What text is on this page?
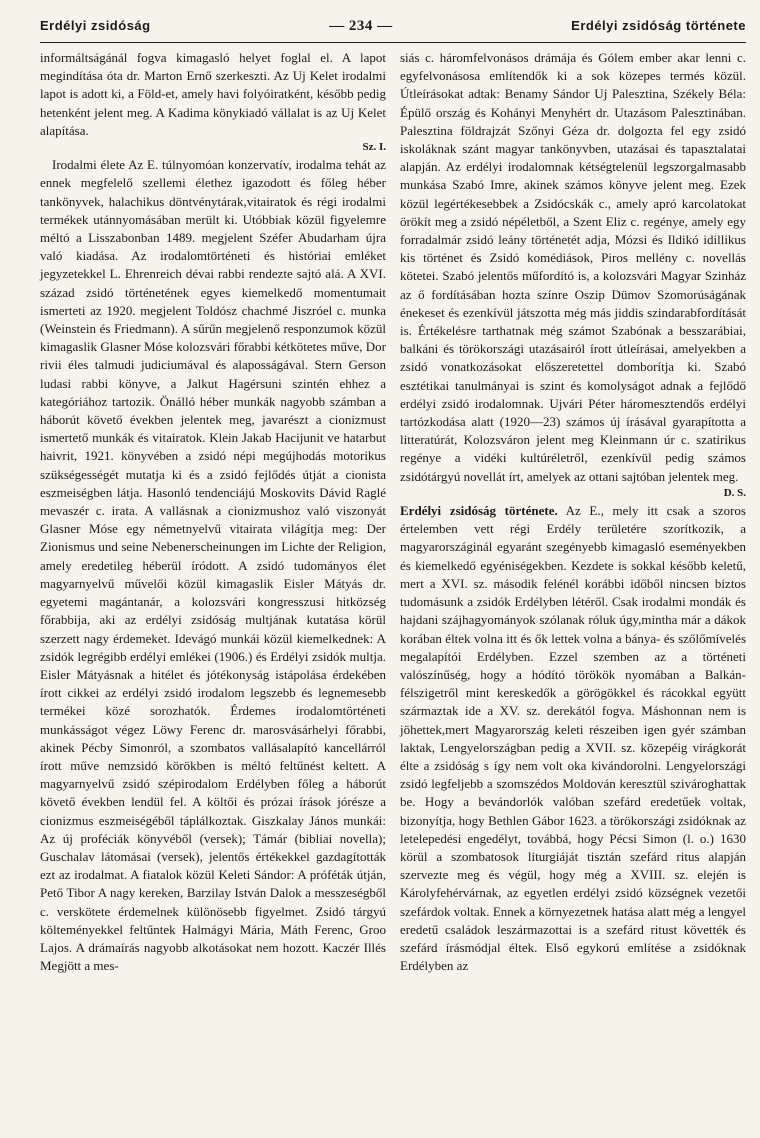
Erdélyi zsidóság	— 234 —	Erdélyi zsidóság története

informáltságánál fogva kimagasló helyet foglal el. A lapot megindítása óta dr. Marton Ernő szerkeszti. Az Uj Kelet irodalmi lapot is adott ki, a Föld-et, amely havi folyóiratként, később pedig hetenként jelent meg. A Kadima könykiadó vállalat is az Uj Kelet alapítása.

Sz. I.

Irodalmi élete Az E. túlnyomóan konzervatív, irodalma tehát az ennek megfelelő szellemi élethez igazodott és főleg héber tankönyvek, halachikus döntvénytárak,vitairatok és régi irodalmi termékek utánnyomásában merült ki. Utóbbiak közül figyelemre méltó a Lisszabonban 1489. megjelent Széfer Abudarham újra való kiadása. Az irodalomtörténeti és históriai emléket jegyzetekkel L. Ehrenreich dévai rabbi rendezte sajtó alá. A XVI. század zsidó történetének egyes kiemelkedő momentumait ismerteti az 1920. megjelent Toldósz chachmé Jiszróel c. munka (Weinstein és Friedmann). A sűrűn megjelenő responzumok közül kimagaslik Glasner Móse kolozsvári főrabbi kétkötetes műve, Dor rivii éles talmudi judiciumával és alaposságával. Stern Gerson ludasi rabbi könyve, a Jalkut Hagérsuni szintén ehhez a kategóriához tartozik. Önálló héber munkák nagyobb számban a háborút követő években jelentek meg, javarészt a cionizmust ismertető munkák és vitairatok. Klein Jakab Hacijunit ve hatarbut haivrit, 1921. könyvében a zsidó népi megújhodás motorikus szükségességét mutatja ki és a zsidó fejlődés útját a cionista eszmeiségben látja. Hasonló tendenciájú Moskovits Dávid Raglé mevaszér c. irata. A vallásnak a cionizmushoz való viszonyát Glasner Móse egy németnyelvű vitairata világítja meg: Der Zionismus und seine Nebenerscheinungen im Lichte der Religion, amely eredetileg héberül íródott. A zsidó tudományos élet magyarnyelvű művelői közül kimagaslik Eisler Mátyás dr. egyetemi magántanár, a kolozsvári kongresszusi hitközség főrabbija, aki az erdélyi zsidóság multjának kutatása körül szerzett nagy érdemeket. Idevágó munkái közül kiemelkednek: A zsidók legrégibb erdélyi emlékei (1906.) és Erdélyi zsidók multja. Eisler Mátyásnak a hitélet és jótékonyság istápolása érdekében írott cikkei az erdélyi zsidó irodalom legszebb és legnemesebb termékei közé sorozhatók. Érdemes irodalomtörténeti munkásságot végez Löwy Ferenc dr. marosvásárhelyi főrabbi, akinek Pécby Simonról, a szombatos vallásalapító kancellárról írott műve nemzsidó körökben is méltó feltűnést keltett. A magyarnyelvű zsidó szépirodalom Erdélyben főleg a háborút követő években lendül fel. A költői és prózai írások jórésze a cionizmus eszmeiségéből táplálkoztak. Giszkalay János munkái: Az új proféciák könyvéből (versek); Támár (bibliai novella); Guschalav látomásai (versek), jelentős értékekkel gazdagították ezt az irodalmat. A fiatalok közül Keleti Sándor: A próféták útján, Pető Tibor A nagy kereken, Barzilay István Dalok a messzeségből c. verskötete érdemelnek különösebb figyelmet. Zsidó tárgyú költeményekkel feltűntek Halmágyi Mária, Máth Ferenc, Groo Lajos. A drámaírás nagyobb alkotásokat nem hozott. Kaczér Illés Megjött a mes-

siás c. háromfelvonásos drámája és Gólem ember akar lenni c. egyfelvonásosa említendők ki a sok közepes termés közül. Útleírásokat adtak: Benamy Sándor Uj Palesztina, Székely Béla: Épülő ország és Kohányi Menyhért dr. Utazásom Palesztinában. Palesztina földrajzát Szőnyi Géza dr. dolgozta fel egy zsidó iskoláknak szánt magyar tankönyvben, utazásai és tapasztalatai alapján. Az erdélyi irodalomnak kétségtelenül legszorgalmasabb munkása Szabó Imre, akinek számos könyve jelent meg. Ezek közül legértékesebbek a Zsidócskák c., amely apró karcolatokat örökít meg a zsidó népéletből, a Szent Eliz c. regénye, amely egy forradalmár zsidó leány történetét adja, Mózsi és Ildikó idillikus kis történet és Zsidó komédiások, Piros mellény c. novellás kötetei. Szabó jelentős műfordító is, a kolozsvári Magyar Szinház az ő fordításában hozta színre Oszip Dümov Szomorúságának énekeset és ezenkívül játszotta még más jiddis szindarabfordítását is. Értékelésre tarthatnak még számot Szabónak a besszarábiai, balkáni és törökországi utazásairól írott útleírásai, amelyekben a zsidó vonatkozásokat előszeretettel domborítja ki. Szabó esztétikai tanulmányai is szint és komolyságot adnak a fejlődő erdélyi zsidó irodalomnak. Ujvári Péter háromesztendős erdélyi tartózkodása alatt (1920—23) számos új írásával gyarapította a litteratúrát, Kolozsváron jelent meg Kleinmann úr c. szatirikus regénye a vidéki kultúréletről, ezenkívül pedig számos zsidótárgyú novellát írt, amelyek az ottani sajtóban jelentek meg.

D. S.

Erdélyi zsidóság története. Az E., mely itt csak a szoros értelemben vett régi Erdély területére szorítkozik, a magyarországinál egyaránt szegényebb kimagasló eseményekben és kiemelkedő egyéniségekben. Kezdete is sokkal később keletű, mert a XVI. sz. második felénél korábbi időből nincsen biztos tudomásunk a zsidók Erdélyben létéről. Csak irodalmi mondák és hajdani szájhagyományok szólanak róluk úgy,mintha már a dákok korában éltek volna itt és ők lettek volna a bánya- és szőlőmívelés megalapítói Erdélyben. Ezzel szemben az a történeti valószínűség, hogy a hódító törökök nyomában a Balkán-félszigetről mint kereskedők a görögökkel és rácokkal együtt származtak ide a XV. sz. derekától fogva. Máshonnan nem is jöhettek,mert Magyarország keleti részeiben igen gyér számban laktak, Lengyelországban pedig a XVII. sz. közepéig virágkorát élte a zsidóság s így nem volt oka kivándorolni. Lengyelországi zsidó legfeljebb a szomszédos Moldován keresztül szivároghattak be. Hogy a bevándorlók valóban szefárd eredetűek voltak, bizonyítja, hogy Bethlen Gábor 1623. a törökországi zsidóknak az letelepedési engedélyt, továbbá, hogy Pécsi Simon (l. o.) 1630 körül a szombatosok liturgiáját tisztán szefárd ritus alapján szervezte meg és végül, hogy még a XVIII. sz. elején is Károlyfehérvárnak, az egyetlen erdélyi zsidó községnek vezetői szefárdok voltak. Ennek a környezetnek hatása alatt még a lengyel eredetű családok leszármazottai is a szefárd ritust követték és szefárd írásmódjal éltek. Első egykorú említése a zsidóknak Erdélyben az
